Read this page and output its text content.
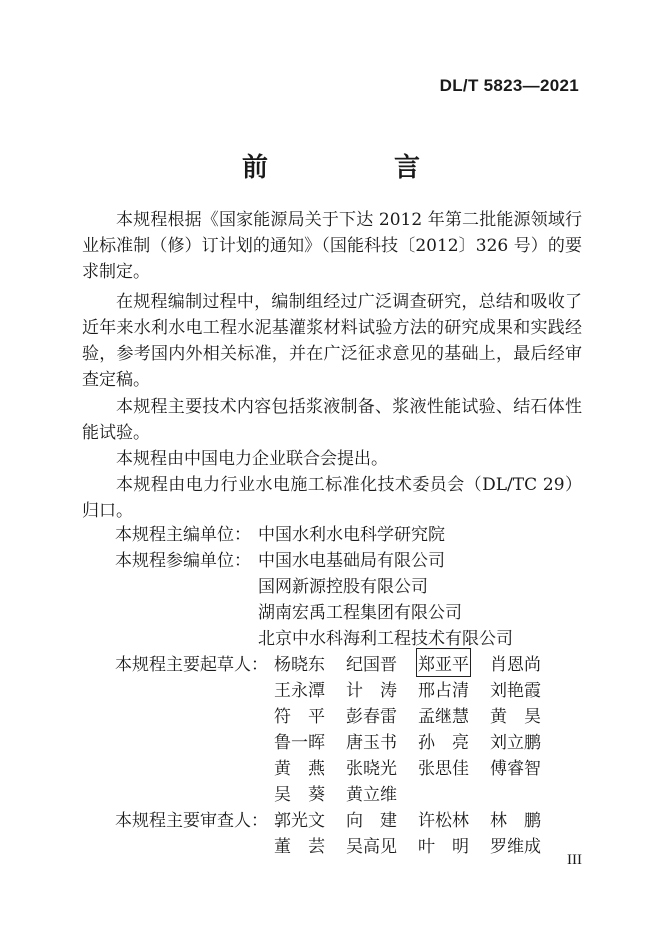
DL/T 5823—2021
前　言

本规程根据《国家能源局关于下达 2012 年第二批能源领域行业标准制（修）订计划的通知》（国能科技〔2012〕326 号）的要求制定。

在规程编制过程中，编制组经过广泛调查研究，总结和吸收了近年来水利水电工程水泥基灌浆材料试验方法的研究成果和实践经验，参考国内外相关标准，并在广泛征求意见的基础上，最后经审查定稿。

本规程主要技术内容包括浆液制备、浆液性能试验、结石体性能试验。

本规程由中国电力企业联合会提出。

本规程由电力行业水电施工标准化技术委员会（DL/TC 29）归口。

本规程主编单位： 中国水利水电科学研究院
本规程参编单位： 中国水电基础局有限公司
国网新源控股有限公司
湖南宏禹工程集团有限公司
北京中水科海利工程技术有限公司
本规程主要起草人： 杨晓东 纪国晋 郑亚平 肖恩尚
王永潭 计　涛 邢占清 刘艳霞
符　平 彭春雷 孟继慧 黄　昊
鲁一晖 唐玉书 孙　亮 刘立鹏
黄　燕 张晓光 张思佳 傅睿智
吴　葵 黄立维
本规程主要审查人： 郭光文 向　建 许松林 林　鹏
董　芸 吴高见 叶　明 罗维成
III
